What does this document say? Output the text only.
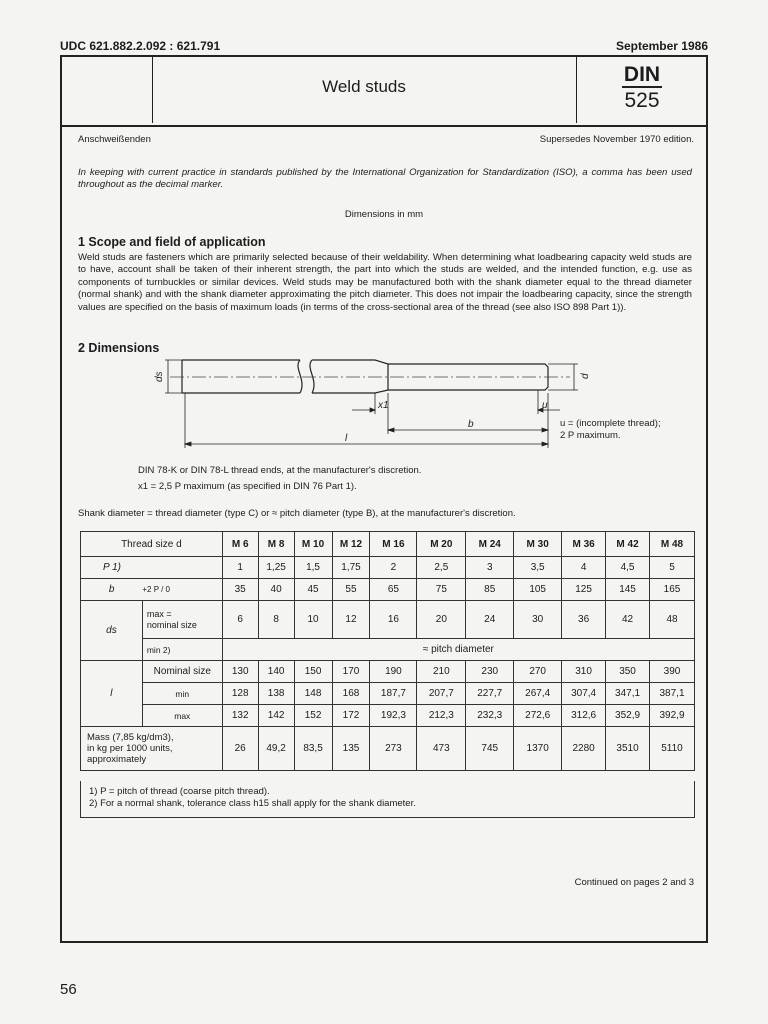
UDC 621.882.2.092 : 621.791	September 1986
Weld studs
DIN
525
Anschweißenden	Supersedes November 1970 edition.
In keeping with current practice in standards published by the International Organization for Standardization (ISO), a comma has been used throughout as the decimal marker.
Dimensions in mm
1 Scope and field of application
Weld studs are fasteners which are primarily selected because of their weldability. When determining what loadbearing capacity weld studs are to have, account shall be taken of their inherent strength, the part into which the studs are welded, and the intended function, e.g. use as components of turnbuckles or similar devices. Weld studs may be manufactured both with the shank diameter equal to the thread diameter (normal shank) and with the shank diameter approximating the pitch diameter. This does not impair the loadbearing capacity, since the strength values are specified on the basis of maximum loads (in terms of the cross-sectional area of the thread (see also ISO 898 Part 1)).
2 Dimensions
ds	d
x1	u
b
l
u = (incomplete thread);
2 P maximum.
DIN 78-K or DIN 78-L thread ends, at the manufacturer's discretion.
x1 = 2,5 P maximum (as specified in DIN 76 Part 1).
Shank diameter = thread diameter (type C) or ≈ pitch diameter (type B), at the manufacturer's discretion.
Thread size d		M 6	M 8	M 10	M 12	M 16	M 20	M 24	M 30	M 36	M 42	M 48
P 1)		1	1,25	1,5	1,75	2	2,5	3	3,5	4	4,5	5
b	+2 P / 0	35	40	45	55	65	75	85	105	125	145	165
ds	max =
nominal size	6	8	10	12	16	20	24	30	36	42	48
	min 2)	≈ pitch diameter										
l	Nominal size	130	140	150	170	190	210	230	270	310	350	390
	min	128	138	148	168	187,7	207,7	227,7	267,4	307,4	347,1	387,1
	max	132	142	152	172	192,3	212,3	232,3	272,6	312,6	352,9	392,9

Mass (7,85 kg/dm3),
in kg per 1000 units,
approximately		26	49,2	83,5	135	273	473	745	1370	2280	3510	5110
1) P = pitch of thread (coarse pitch thread).
2) For a normal shank, tolerance class h15 shall apply for the shank diameter.
Continued on pages 2 and 3
56
